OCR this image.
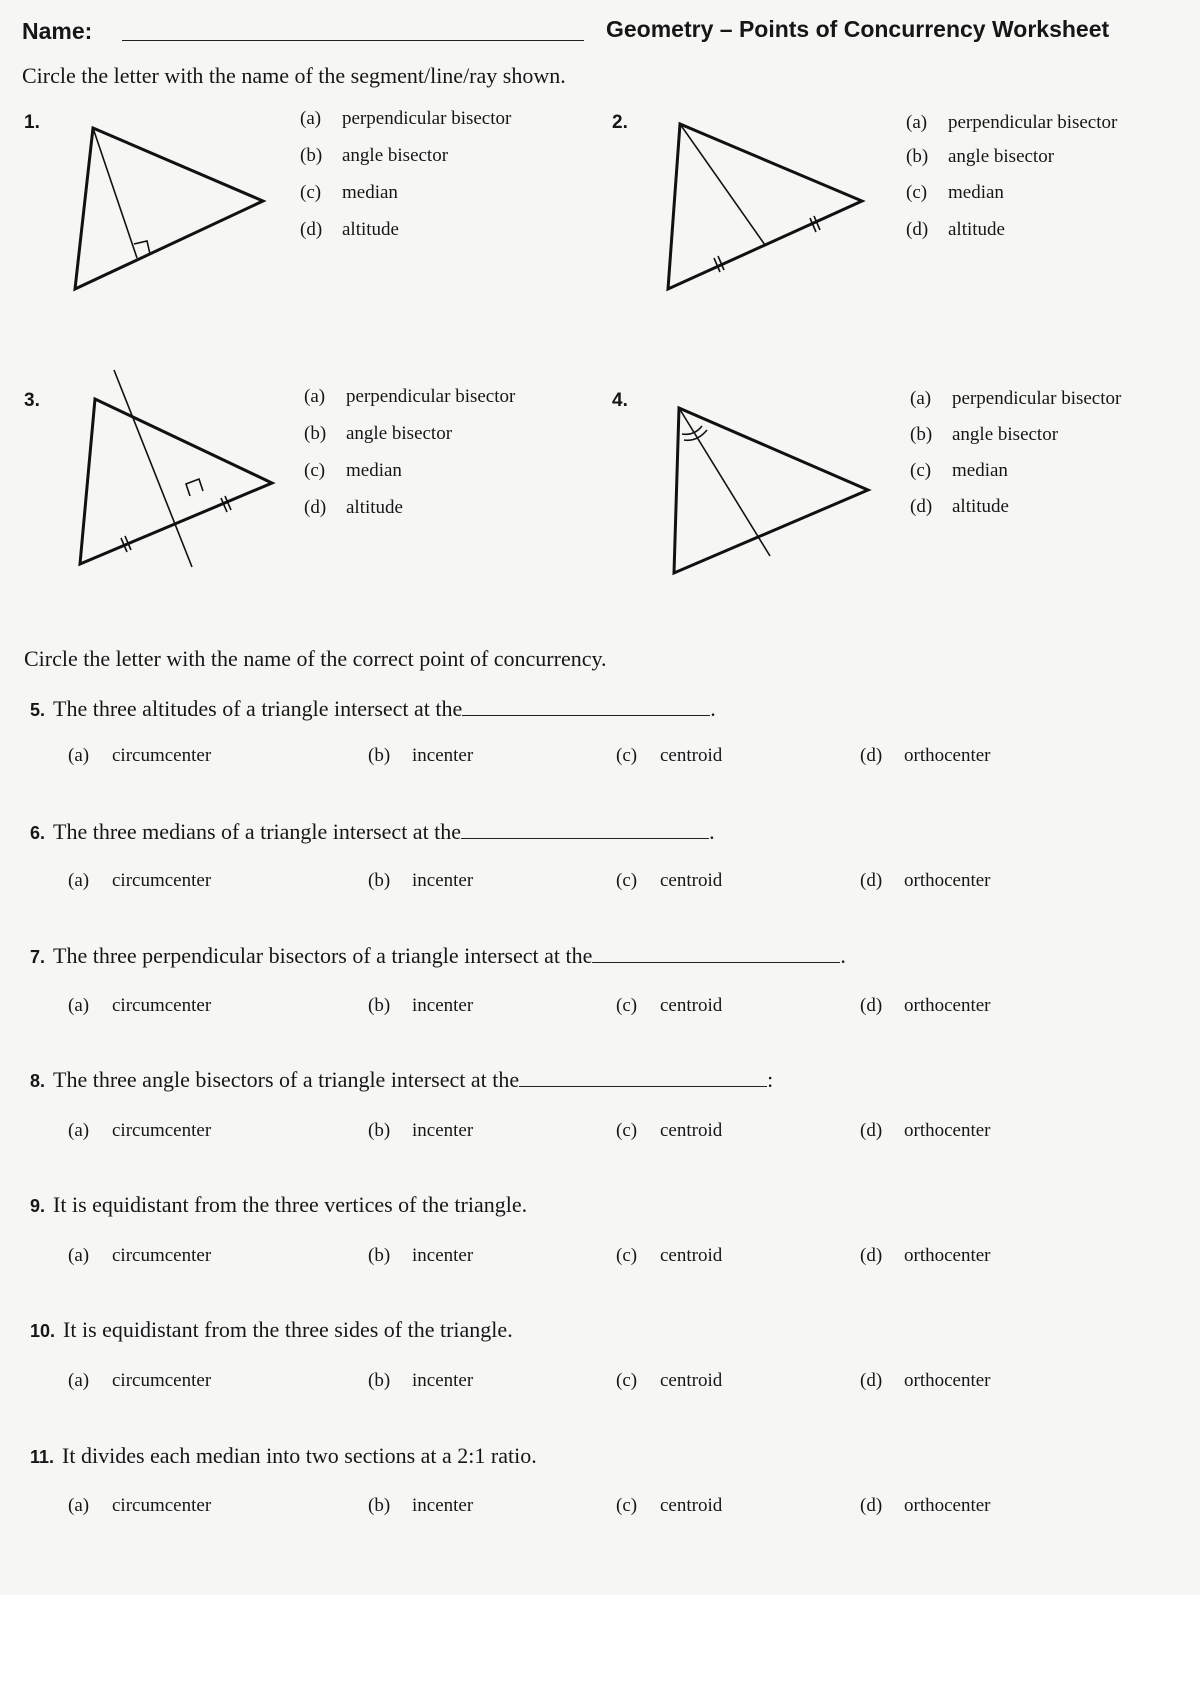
Name:	Geometry – Points of Concurrency Worksheet
Circle the letter with the name of the segment/line/ray shown.
1.	(a) perpendicular bisector
(b) angle bisector
(c) median
(d) altitude
2.	(a) perpendicular bisector
(b) angle bisector
(c) median
(d) altitude
3.	(a) perpendicular bisector
(b) angle bisector
(c) median
(d) altitude
4.	(a) perpendicular bisector
(b) angle bisector
(c) median
(d) altitude
Circle the letter with the name of the correct point of concurrency.
5. The three altitudes of a triangle intersect at the	.
(a) circumcenter	(b) incenter	(c) centroid	(d) orthocenter
6. The three medians of a triangle intersect at the	.
(a) circumcenter	(b) incenter	(c) centroid	(d) orthocenter
7. The three perpendicular bisectors of a triangle intersect at the	.
(a) circumcenter	(b) incenter	(c) centroid	(d) orthocenter
8. The three angle bisectors of a triangle intersect at the	:
(a) circumcenter	(b) incenter	(c) centroid	(d) orthocenter
9. It is equidistant from the three vertices of the triangle.
(a) circumcenter	(b) incenter	(c) centroid	(d) orthocenter
10. It is equidistant from the three sides of the triangle.
(a) circumcenter	(b) incenter	(c) centroid	(d) orthocenter
11. It divides each median into two sections at a 2:1 ratio.
(a) circumcenter	(b) incenter	(c) centroid	(d) orthocenter
